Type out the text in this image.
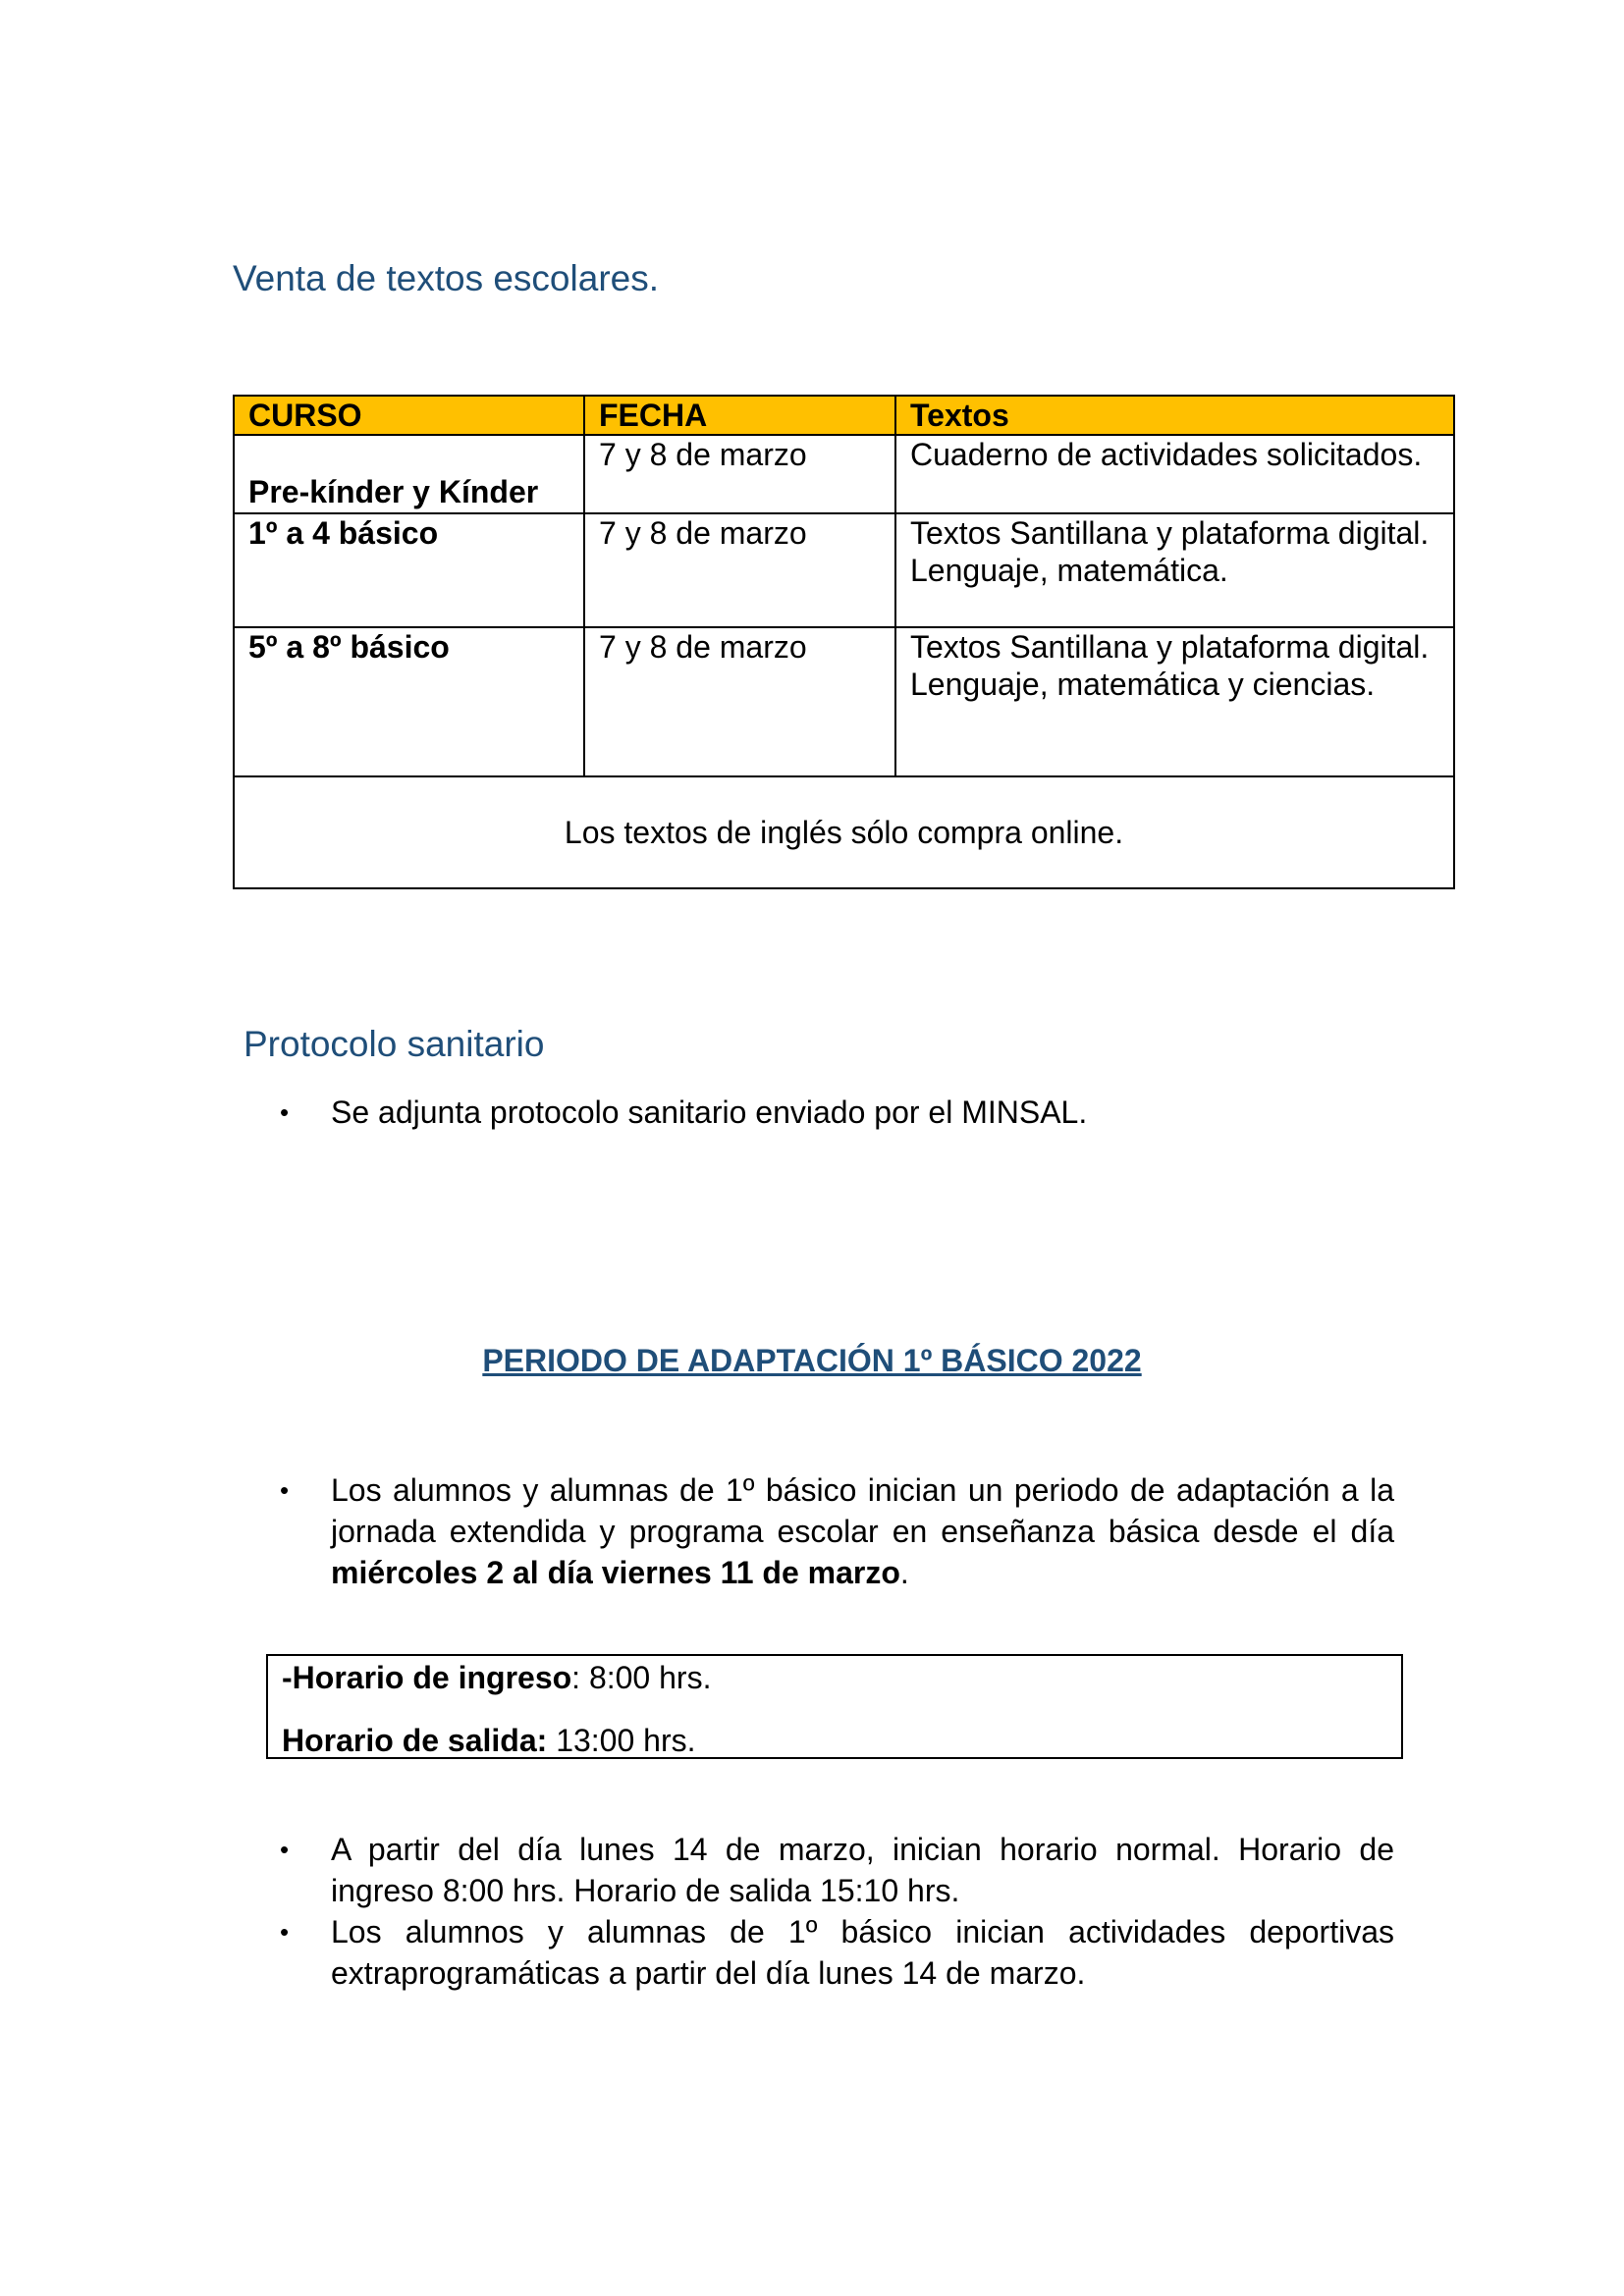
Venta de textos escolares.
CURSO	FECHA	Textos
Pre-kínder y Kínder	7 y 8 de marzo	Cuaderno de actividades solicitados.
1º a 4 básico	7 y 8 de marzo	Textos Santillana y plataforma digital. Lenguaje, matemática.
5º a 8º básico	7 y 8 de marzo	Textos Santillana y plataforma digital. Lenguaje, matemática y ciencias.
Los textos de inglés sólo compra online.		
Protocolo sanitario
•	Se adjunta protocolo sanitario enviado por el MINSAL.
PERIODO DE ADAPTACIÓN 1º BÁSICO 2022
•	Los alumnos y alumnas de 1º básico inician un periodo de adaptación a la jornada extendida y programa escolar en enseñanza básica desde el día miércoles 2 al día viernes 11 de marzo.

-Horario de ingreso: 8:00 hrs.

Horario de salida: 13:00 hrs.

•	A partir del día lunes 14 de marzo, inician horario normal. Horario de ingreso 8:00 hrs. Horario de salida 15:10 hrs.
•	Los alumnos y alumnas de 1º básico inician actividades deportivas extraprogramáticas a partir del día lunes 14 de marzo.
